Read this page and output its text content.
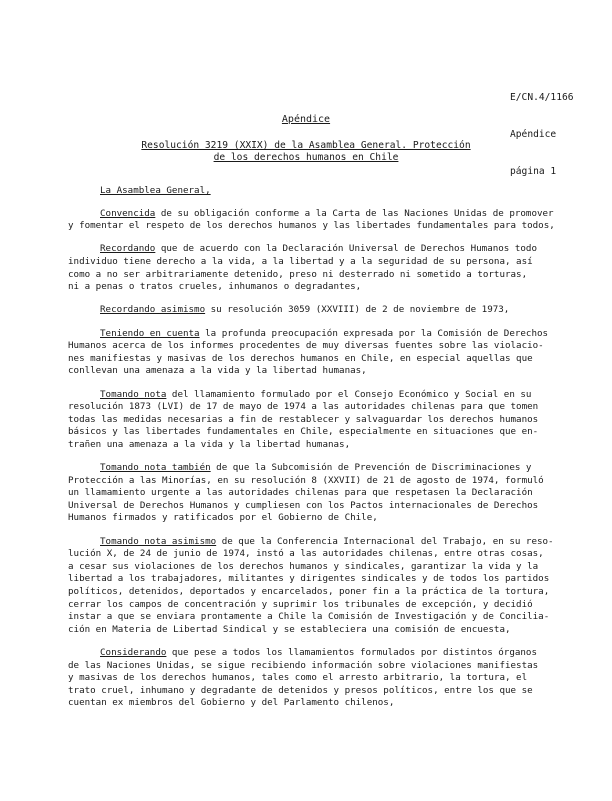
E/CN.4/1166

Apéndice

página 1

Apéndice
Resolución 3219 (XXIX) de la Asamblea General. Protección
de los derechos humanos en Chile
La Asamblea General,
Convencida de su obligación conforme a la Carta de las Naciones Unidas de promover
y fomentar el respeto de los derechos humanos y las libertades fundamentales para todos,
Recordando que de acuerdo con la Declaración Universal de Derechos Humanos todo
individuo tiene derecho a la vida, a la libertad y a la seguridad de su persona, así
como a no ser arbitrariamente detenido, preso ni desterrado ni sometido a torturas,
ni a penas o tratos crueles, inhumanos o degradantes,
Recordando asimismo su resolución 3059 (XXVIII) de 2 de noviembre de 1973,
Teniendo en cuenta la profunda preocupación expresada por la Comisión de Derechos
Humanos acerca de los informes procedentes de muy diversas fuentes sobre las violacio-
nes manifiestas y masivas de los derechos humanos en Chile, en especial aquellas que
conllevan una amenaza a la vida y la libertad humanas,
Tomando nota del llamamiento formulado por el Consejo Económico y Social en su
resolución 1873 (LVI) de 17 de mayo de 1974 a las autoridades chilenas para que tomen
todas las medidas necesarias a fin de restablecer y salvaguardar los derechos humanos
básicos y las libertades fundamentales en Chile, especialmente en situaciones que en-
trañen una amenaza a la vida y la libertad humanas,
Tomando nota también de que la Subcomisión de Prevención de Discriminaciones y
Protección a las Minorías, en su resolución 8 (XXVII) de 21 de agosto de 1974, formuló
un llamamiento urgente a las autoridades chilenas para que respetasen la Declaración
Universal de Derechos Humanos y cumpliesen con los Pactos internacionales de Derechos
Humanos firmados y ratificados por el Gobierno de Chile,
Tomando nota asimismo de que la Conferencia Internacional del Trabajo, en su reso-
lución X, de 24 de junio de 1974, instó a las autoridades chilenas, entre otras cosas,
a cesar sus violaciones de los derechos humanos y sindicales, garantizar la vida y la
libertad a los trabajadores, militantes y dirigentes sindicales y de todos los partidos
políticos, detenidos, deportados y encarcelados, poner fin a la práctica de la tortura,
cerrar los campos de concentración y suprimir los tribunales de excepción, y decidió
instar a que se enviara prontamente a Chile la Comisión de Investigación y de Concilia-
ción en Materia de Libertad Sindical y se estableciera una comisión de encuesta,
Considerando que pese a todos los llamamientos formulados por distintos órganos
de las Naciones Unidas, se sigue recibiendo información sobre violaciones manifiestas
y masivas de los derechos humanos, tales como el arresto arbitrario, la tortura, el
trato cruel, inhumano y degradante de detenidos y presos políticos, entre los que se
cuentan ex miembros del Gobierno y del Parlamento chilenos,
